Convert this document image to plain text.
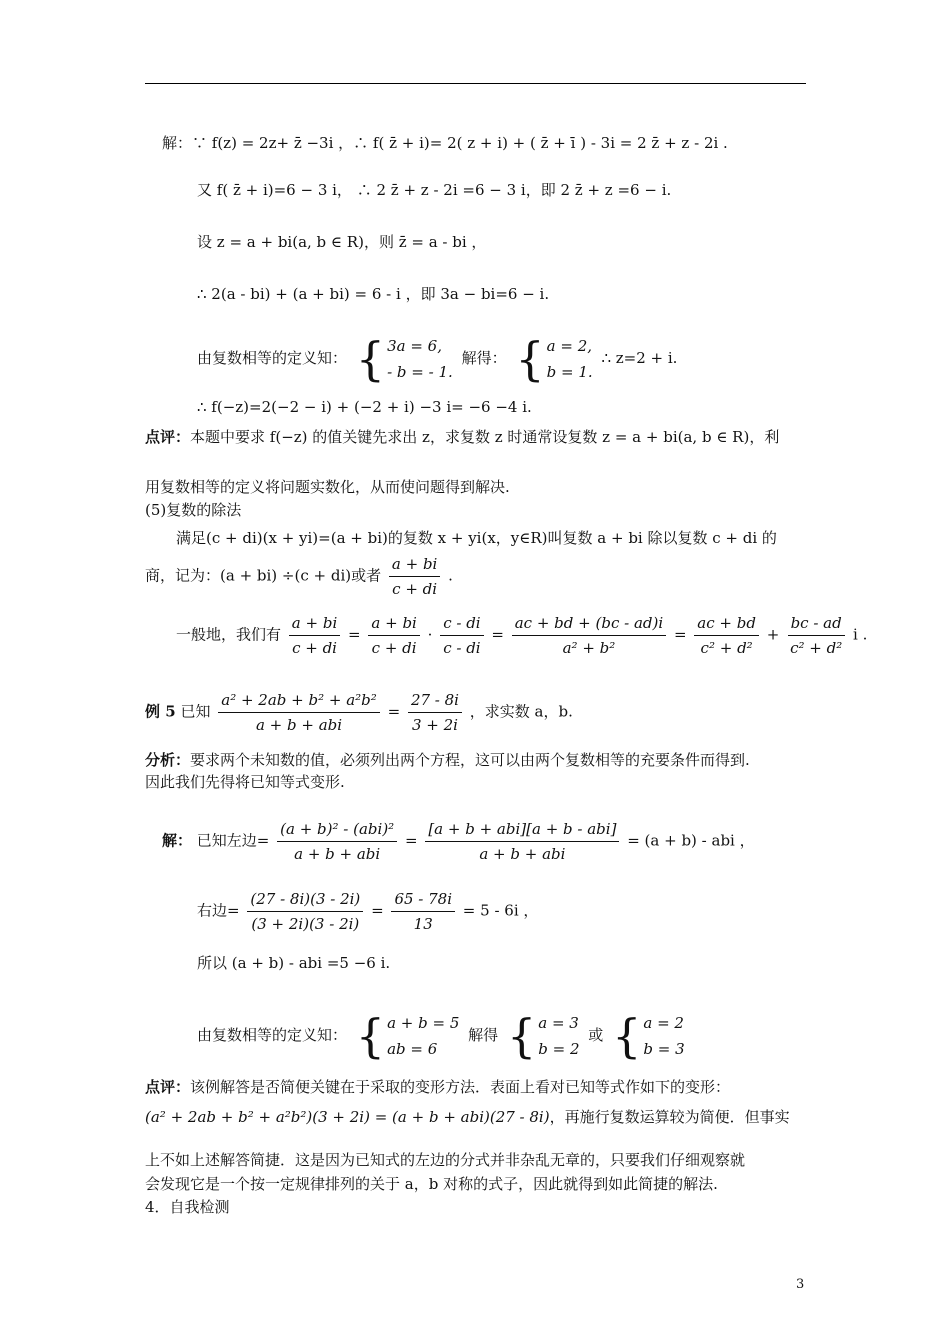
解：∵ f(z) = 2z+ z̄ −3i ，∴ f( z̄ + i)= 2( z + i) + ( z̄ + ī ) - 3i = 2 z̄ + z - 2i .
又 f( z̄ + i)=6 − 3 i， ∴ 2 z̄ + z - 2i =6 − 3 i，即 2 z̄ + z =6 − i.
设 z = a + bi(a, b ∈ R)，则 z̄ = a - bi ，
∴ 2(a - bi) + (a + bi) = 6 - i ，即 3a − bi=6 − i.
由复数相等的定义知： { 3a = 6,
- b = - 1.
解得： { a = 2,
b = 1.
∴ z=2 + i.
∴ f(−z)=2(−2 − i) + (−2 + i) −3 i= −6 −4 i.
点评：本题中要求 f(−z) 的值关键先求出 z，求复数 z 时通常设复数 z = a + bi(a, b ∈ R)，利
用复数相等的定义将问题实数化，从而使问题得到解决.
(5)复数的除法
满足(c + di)(x + yi)=(a + bi)的复数 x + yi(x，y∈R)叫复数 a + bi 除以复数 c + di 的
商，记为：(a + bi) ÷(c + di)或者 $\frac{a + bi}{c + di}$ .
一般地，我们有 $\frac{a + bi}{c + di} = \frac{a + bi}{c + di} \cdot \frac{c - di}{c - di} = \frac{ac + bd + (bc - ad)i}{\text{a² + b²}} = \frac{ac + bd}{\text{c² + d²}} + \frac{bc - ad}{\text{c² + d²}}$ i .
例 5 已知 $\frac{\text{a² + 2ab + b² + a²b²}}{\text{a + b + abi}} = \frac{27 - 8i}{3 + 2i}$ ，求实数 a，b.
分析：要求两个未知数的值，必须列出两个方程，这可以由两个复数相等的充要条件而得到.
因此我们先得将已知等式变形.
解： 已知左边= $\frac{\text{(a + b)² - (abi)²}}{\text{a + b + abi}} = \frac{\text{[a + b + abi][a + b - abi]}}{\text{a + b + abi}} = (a + b)$ - abi ，
右边= $\frac{(27 - 8i)(3 - 2i)}{(3 + 2i)(3 - 2i)} = \frac{65 - 78i}{13} = 5 - 6i$ ，
所以 (a + b) - abi =5 −6 i.
由复数相等的定义知： { a + b = 5
ab = 6
解得 { a = 3
b = 2
或 { a = 2
b = 3
点评：该例解答是否简便关键在于采取的变形方法．表面上看对已知等式作如下的变形：
(a² + 2ab + b² + a²b²)(3 + 2i) = (a + b + abi)(27 - 8i)，再施行复数运算较为简便．但事实
上不如上述解答简捷．这是因为已知式的左边的分式并非杂乱无章的，只要我们仔细观察就
会发现它是一个按一定规律排列的关于 a，b 对称的式子，因此就得到如此简捷的解法.
4．自我检测
3
